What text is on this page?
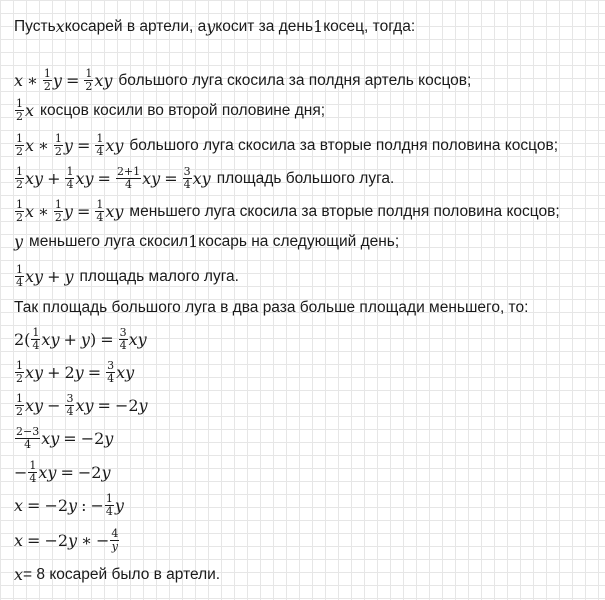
Пусть x косарей в артели, а y косит за день 1 косец, тогда:
x ∗ $\frac{1}{2}$ $y = \frac{1}{2}$ xy большого луга скосила за полдня артель косцов;
$\frac{1}{2}$ x косцов косили во второй половине дня;
$\frac{1}{2}$ x ∗ $\frac{1}{2}$ $y = \frac{1}{4}$ xy большого луга скосила за вторые полдня половина косцов;
$\frac{1}{2}$ xy + $\frac{1}{4}$ xy = $\frac{2+1}{4}$ xy = $\frac{3}{4}$ xy площадь большого луга.
$\frac{1}{2}$ x ∗ $\frac{1}{2}$ $y = \frac{1}{4}$ xy меньшего луга скосила за вторые полдня половина косцов;
y меньшего луга скосил 1 косарь на следующий день;
$\frac{1}{4}$ xy + y площадь малого луга.
Так площадь большого луга в два раза больше площади меньшего, то:
$2( \frac{1}{4}$ xy + y ) = $\frac{3}{4}$ xy
$\frac{1}{2}$ xy + 2 $y = \frac{3}{4}$ xy
$\frac{1}{2}$ xy − $\frac{3}{4}$ xy = −2 y
$\frac{2-3}{4}$ xy = −2 y
− $\frac{1}{4}$ xy = −2 y
x = −2 y : − $\frac{1}{4}$ y
x = −2 y ∗ − $\frac{4}{y}$
x = 8 косарей было в артели.
